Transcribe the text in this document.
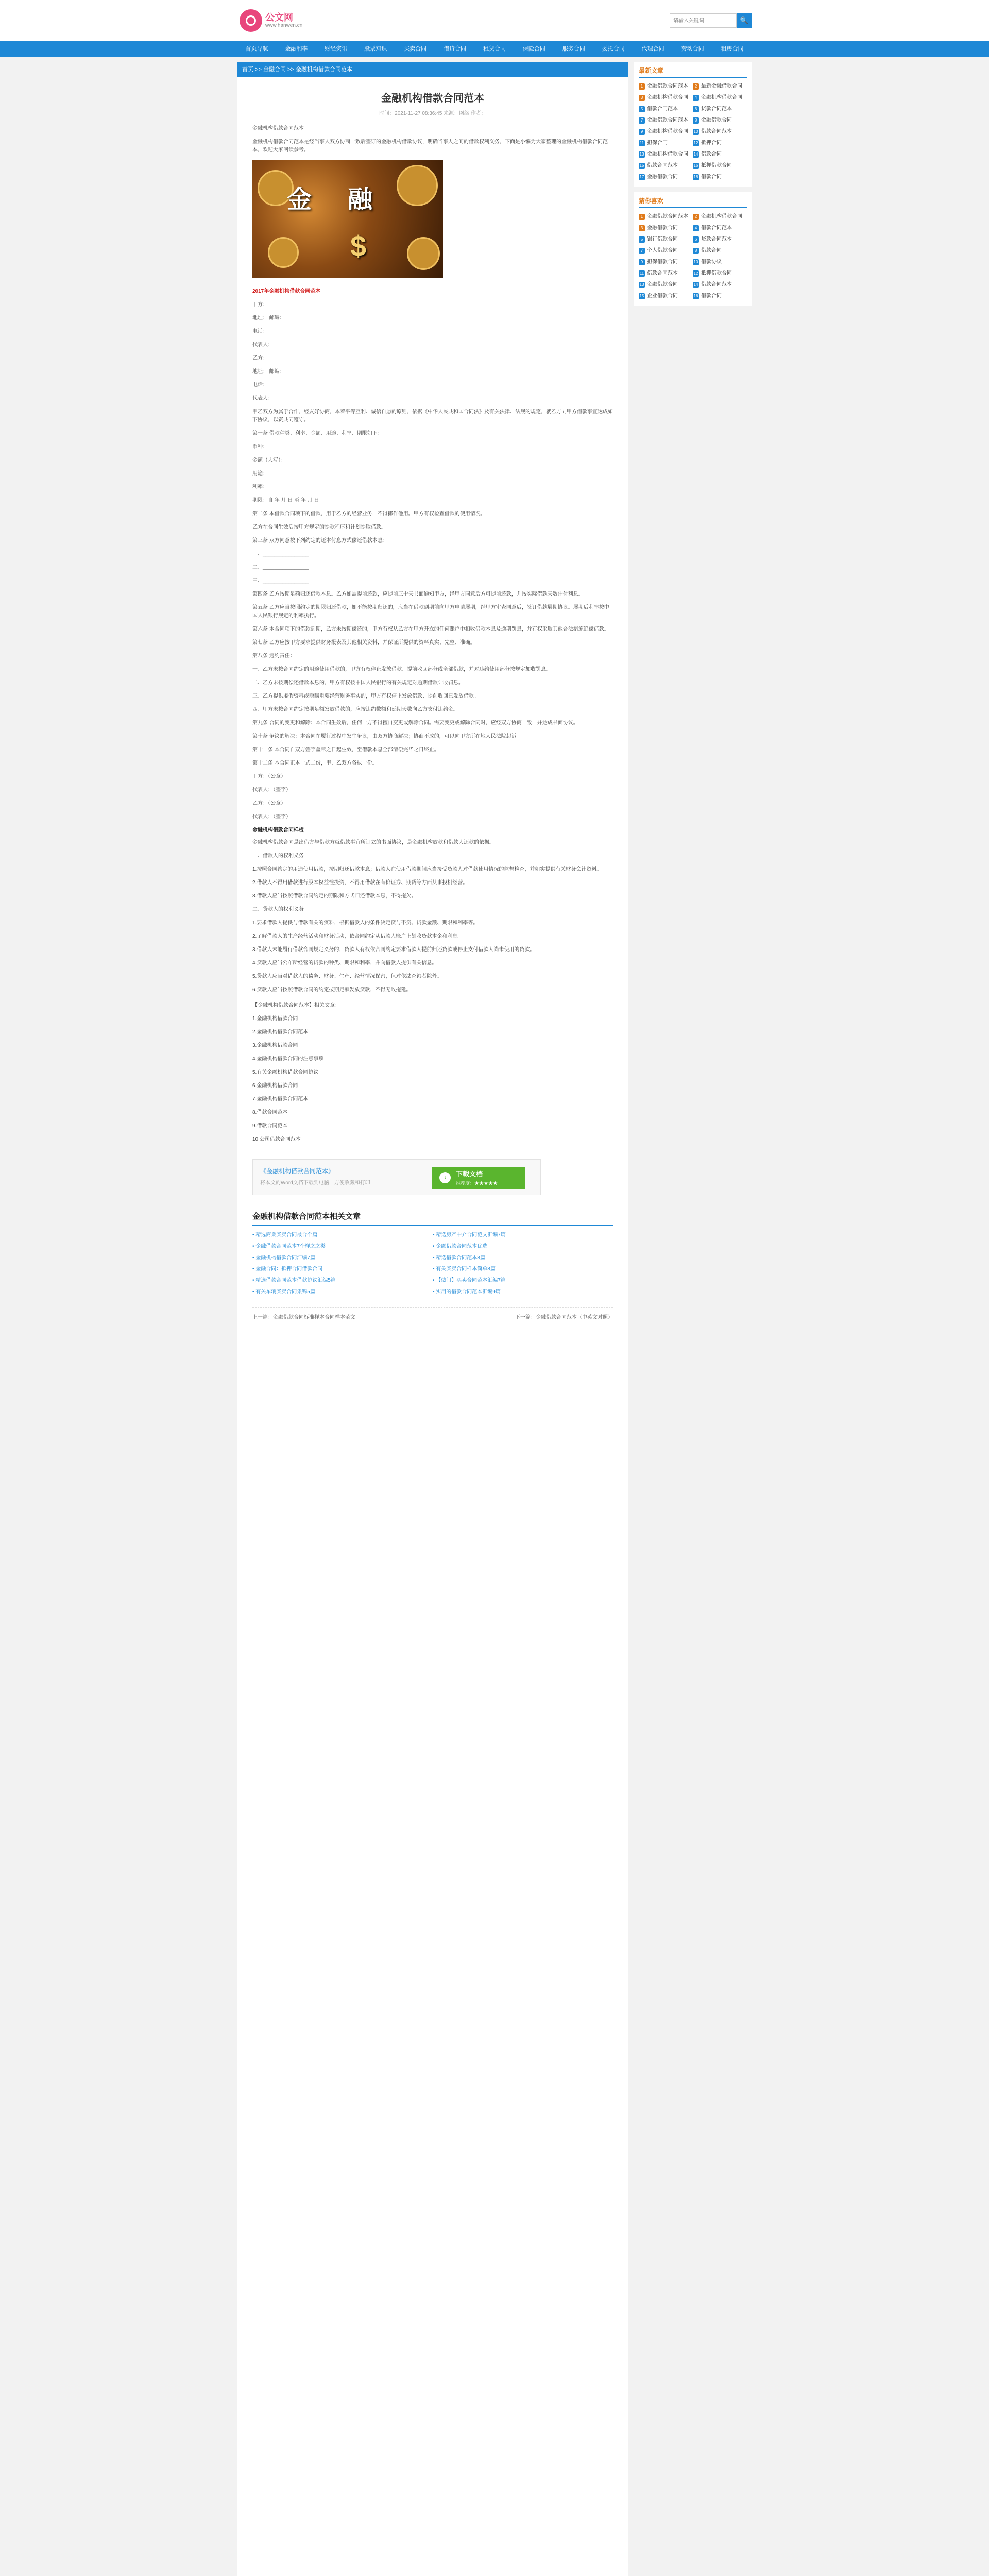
公文网
www.hanwen.cn
请输入关键词
🔍
首页导航	金融利率	财经资讯	股票知识	买卖合同	借贷合同	租赁合同	保险合同	服务合同	委托合同	代理合同	劳动合同	租房合同
首页 >> 金融合同 >> 金融机构借款合同范本
金融机构借款合同范本
时间：2021-11-27 08:36:45 来源：网络 作者：

金融机构借款合同范本

金融机构借款合同范本是经当事人双方协商一致后签订的金融机构借款协议，明确当事人之间的借款权利义务，下面是小编为大家整理的金融机构借款合同范本，欢迎大家阅读参考。

金融
$
2017年金融机构借款合同范本

甲方：

地址： 邮编：

电话：

代表人：

乙方：

地址： 邮编：

电话：

代表人：

甲乙双方为属于合作，经友好协商，本着平等互利、诚信自愿的原则，依据《中华人民共和国合同法》及有关法律、法规的规定，就乙方向甲方借款事宜达成如下协议，以资共同遵守。

第一条 借款种类、利率、金额、用途、利率、期限如下：

币种：

金额（大写）：

用途：

利率：

期限：自 年 月 日 至 年 月 日

第二条 本借款合同项下的借款，用于乙方的经营业务，不得挪作他用。甲方有权检查借款的使用情况。

乙方在合同生效后按甲方规定的提款程序和计划提取借款。

第三条 双方同意按下列约定的还本付息方式偿还借款本息：

一、________________

二、________________

三、________________

第四条 乙方按期足额归还借款本息。乙方如需提前还款，应提前三十天书面通知甲方，经甲方同意后方可提前还款，并按实际借款天数计付利息。

第五条 乙方应当按照约定的期限归还借款，如不能按期归还的，应当在借款到期前向甲方申请展期，经甲方审查同意后，签订借款展期协议。展期后利率按中国人民银行规定的利率执行。

第六条 本合同项下的借款到期，乙方未按期偿还的，甲方有权从乙方在甲方开立的任何账户中扣收借款本息及逾期罚息，并有权采取其他合法措施追偿借款。

第七条 乙方应按甲方要求提供财务报表及其他相关资料，并保证所提供的资料真实、完整、准确。

第八条 违约责任：

一、乙方未按合同约定的用途使用借款的，甲方有权停止发放借款、提前收回部分或全部借款，并对违约使用部分按规定加收罚息。

二、乙方未按期偿还借款本息的，甲方有权按中国人民银行的有关规定对逾期借款计收罚息。

三、乙方提供虚假资料或隐瞒重要经营财务事实的，甲方有权停止发放借款、提前收回已发放借款。

四、甲方未按合同约定按期足额发放借款的，应按违约数额和延期天数向乙方支付违约金。

第九条 合同的变更和解除：本合同生效后，任何一方不得擅自变更或解除合同。需要变更或解除合同时，应经双方协商一致，并达成书面协议。

第十条 争议的解决：本合同在履行过程中发生争议，由双方协商解决；协商不成的，可以向甲方所在地人民法院起诉。

第十一条 本合同自双方签字盖章之日起生效，至借款本息全部清偿完毕之日终止。

第十二条 本合同正本一式二份，甲、乙双方各执一份。

甲方：（公章）

代表人：（签字）

乙方：（公章）

代表人：（签字）

金融机构借款合同样板

金融机构借款合同是出借方与借款方就借款事宜所订立的书面协议，是金融机构放款和借款人还款的依据。

一、借款人的权利义务

1.按照合同约定的用途使用借款，按期归还借款本息；借款人在使用借款期间应当接受贷款人对借款使用情况的监督检查，并如实提供有关财务会计资料。

2.借款人不得用借款进行股本权益性投资，不得用借款在有价证券、期货等方面从事投机经营。

3.借款人应当按照借款合同约定的期限和方式归还借款本息，不得拖欠。

二、贷款人的权利义务

1.要求借款人提供与借款有关的资料，根据借款人的条件决定贷与不贷、贷款金额、期限和利率等。

2.了解借款人的生产经营活动和财务活动，依合同约定从借款人账户上划收贷款本金和利息。

3.借款人未能履行借款合同规定义务的，贷款人有权依合同约定要求借款人提前归还贷款或停止支付借款人尚未使用的贷款。

4.贷款人应当公布所经营的贷款的种类、期限和利率，并向借款人提供有关信息。

5.贷款人应当对借款人的债务、财务、生产、经营情况保密，但对依法查询者除外。

6.贷款人应当按照借款合同的约定按期足额发放贷款，不得无故拖延。

【金融机构借款合同范本】相关文章：

1.金融机构借款合同

2.金融机构借款合同范本

3.金融机构借款合同

4.金融机构借款合同的注意事项

5.有关金融机构借款合同协议

6.金融机构借款合同

7.金融机构借款合同范本

8.借款合同范本

9.借款合同范本

10.公司借款合同范本

《金融机构借款合同范本》
将本文的Word文档下载到电脑，方便收藏和打印
↓	下载文档
推荐度：★★★★★
金融机构借款合同范本相关文章
• 精选商業买卖合同最合个篇	• 精选房产中介合同范文汇编7篇
• 金融借款合同范本7个样之之类	• 金融借款合同范本优选
• 金融机构借款合同汇编7篇	• 精选借款合同范本8篇
• 金融合同：抵押合同借款合同	• 有关买卖合同样本简单8篇
• 精选借款合同范本借款协议汇编5篇	• 【热门】买卖合同范本汇编7篇
• 有关车辆买卖合同集锦5篇	• 实用的借款合同范本汇编9篇
上一篇：金融借款合同标准样本合同样本范文	下一篇：金融借款合同范本（中英文对照）
最新文章
1 金融借款合同范本	2 最新金融借款合同
3 金融机构借款合同	4 金融机构借款合同
5 借款合同范本	6 贷款合同范本
7 金融借款合同范本	8 金融借款合同
9 金融机构借款合同	10 借款合同范本
11 担保合同	12 抵押合同
13 金融机构借款合同	14 借款合同
15 借款合同范本	16 抵押借款合同
17 金融借款合同	18 借款合同
猜你喜欢
1 金融借款合同范本	2 金融机构借款合同
3 金融借款合同	4 借款合同范本
5 银行借款合同	6 贷款合同范本
7 个人借款合同	8 借款合同
9 担保借款合同	10 借款协议
11 借款合同范本	12 抵押借款合同
13 金融借款合同	14 借款合同范本
15 企业借款合同	16 借款合同
